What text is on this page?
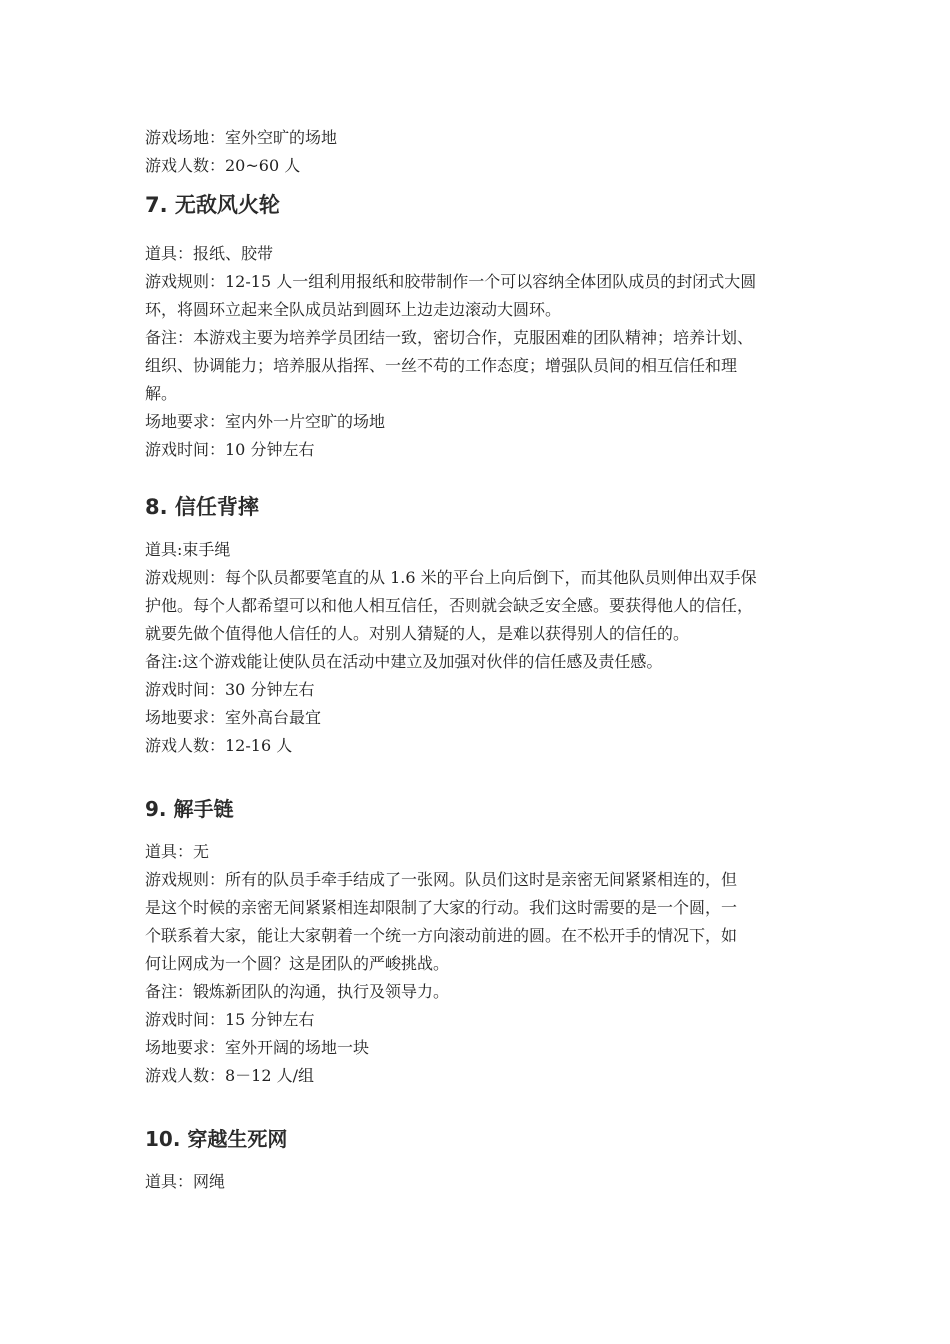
游戏场地：室外空旷的场地
游戏人数：20~60 人
7. 无敌风火轮
道具：报纸、胶带
游戏规则：12-15 人一组利用报纸和胶带制作一个可以容纳全体团队成员的封闭式大圆
环，将圆环立起来全队成员站到圆环上边走边滚动大圆环。
备注：本游戏主要为培养学员团结一致，密切合作，克服困难的团队精神；培养计划、
组织、协调能力；培养服从指挥、一丝不苟的工作态度；增强队员间的相互信任和理
解。
场地要求：室内外一片空旷的场地
游戏时间：10 分钟左右
8. 信任背摔
道具:束手绳
游戏规则：每个队员都要笔直的从 1.6 米的平台上向后倒下，而其他队员则伸出双手保
护他。每个人都希望可以和他人相互信任，否则就会缺乏安全感。要获得他人的信任，
就要先做个值得他人信任的人。对别人猜疑的人，是难以获得别人的信任的。
备注:这个游戏能让使队员在活动中建立及加强对伙伴的信任感及责任感。
游戏时间：30 分钟左右
场地要求：室外高台最宜
游戏人数：12-16 人
9. 解手链
道具：无
游戏规则：所有的队员手牵手结成了一张网。队员们这时是亲密无间紧紧相连的，但
是这个时候的亲密无间紧紧相连却限制了大家的行动。我们这时需要的是一个圆，一
个联系着大家，能让大家朝着一个统一方向滚动前进的圆。在不松开手的情况下，如
何让网成为一个圆？这是团队的严峻挑战。
备注：锻炼新团队的沟通，执行及领导力。
游戏时间：15 分钟左右
场地要求：室外开阔的场地一块
游戏人数：8－12 人/组
10. 穿越生死网
道具：网绳
